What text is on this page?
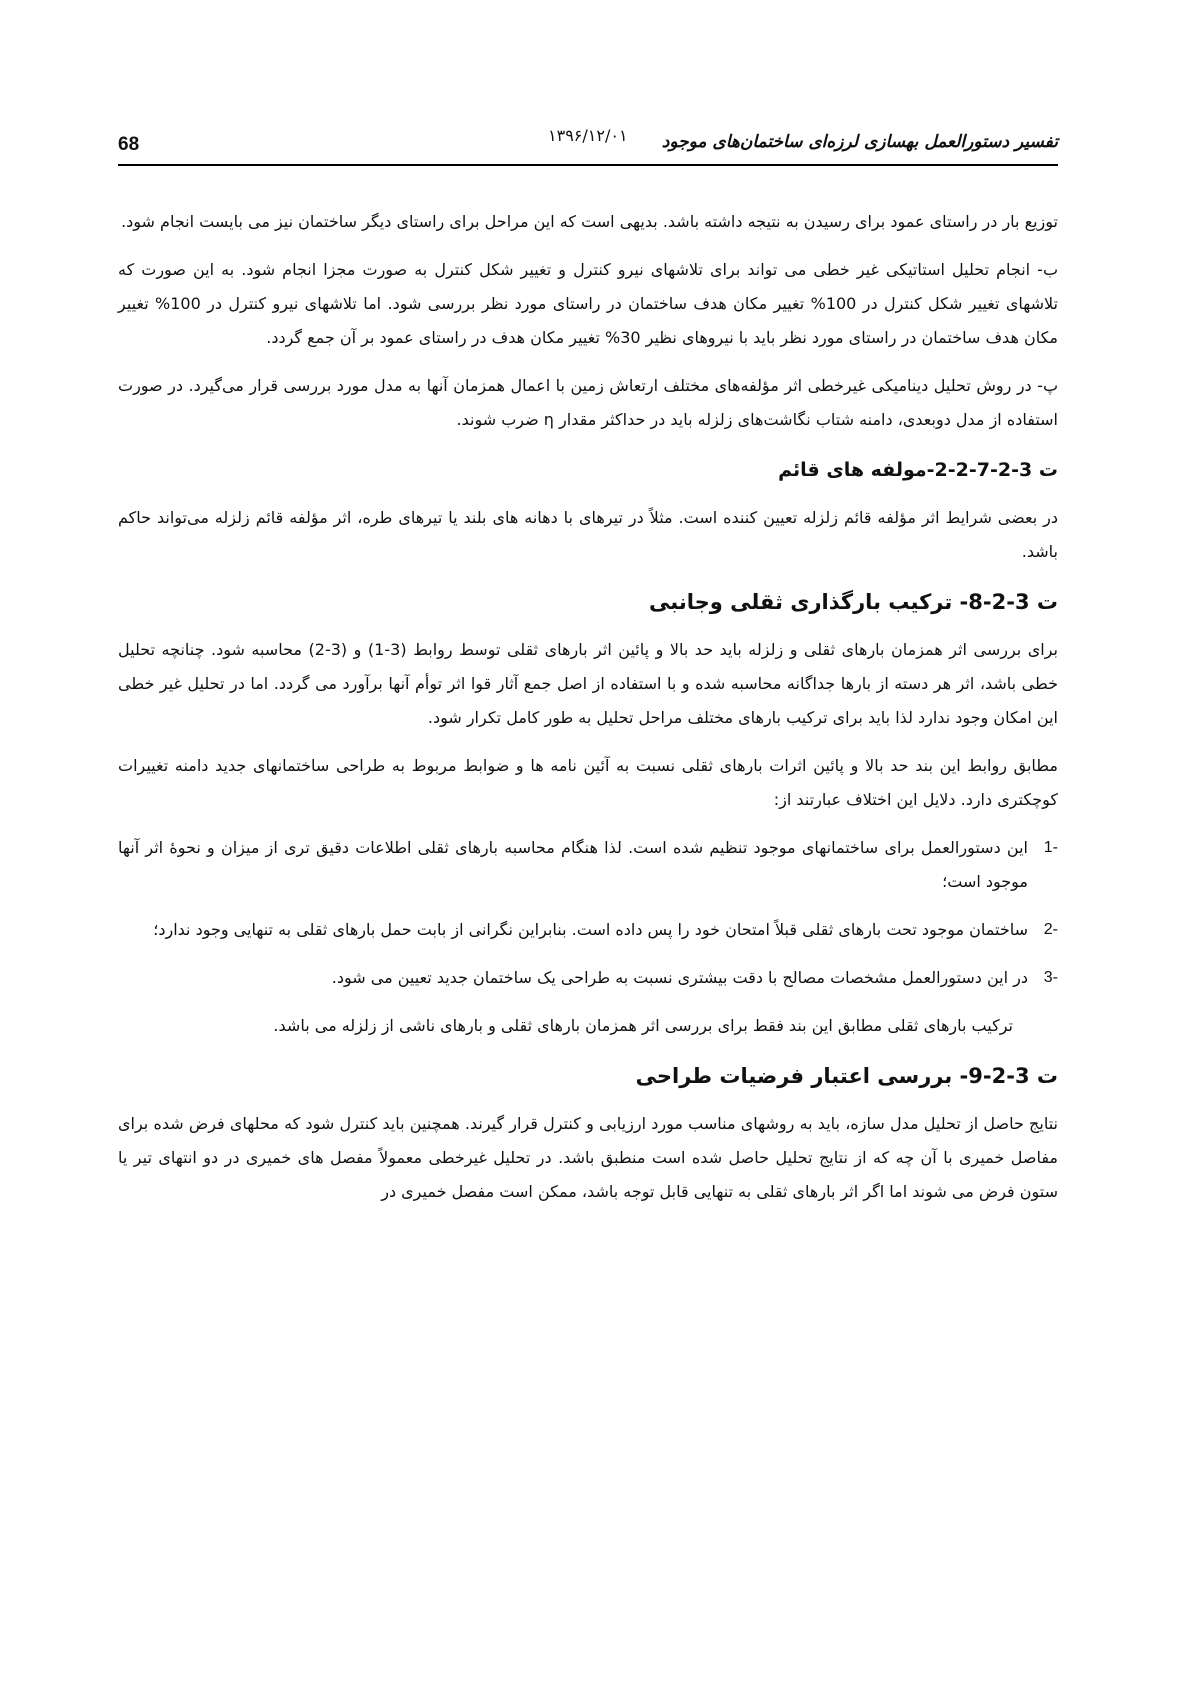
68	۱۳۹۶/۱۲/۰۱ تفسیر دستورالعمل بهسازی لرزه‌ای ساختمان‌های موجود

توزیع بار در راستای عمود برای رسیدن به نتیجه داشته باشد. بدیهی است که این مراحل برای راستای دیگر ساختمان نیز می بایست انجام شود.

ب- انجام تحلیل استاتیکی غیر خطی می تواند برای تلاشهای نیرو کنترل و تغییر شکل کنترل به صورت مجزا انجام شود. به این صورت که تلاشهای تغییر شکل کنترل در 100% تغییر مکان هدف ساختمان در راستای مورد نظر بررسی شود. اما تلاشهای نیرو کنترل در 100% تغییر مکان هدف ساختمان در راستای مورد نظر باید با نیروهای نظیر 30% تغییر مکان هدف در راستای عمود بر آن جمع گردد.

پ- در روش تحلیل دینامیکی غیرخطی اثر مؤلفه‌های مختلف ارتعاش زمین با اعمال همزمان آنها به مدل مورد بررسی قرار می‌گیرد. در صورت استفاده از مدل دوبعدی، دامنه شتاب نگاشت‌های زلزله باید در حداکثر مقدار η ضرب شوند.

ت 3-2-7-2-2-مولفه های قائم

در بعضی شرایط اثر مؤلفه قائم زلزله تعیین کننده است. مثلاً در تیرهای با دهانه های بلند یا تیرهای طره، اثر مؤلفه قائم زلزله می‌تواند حاکم باشد.

ت 3-2-8- ترکیب بارگذاری ثقلی وجانبی

برای بررسی اثر همزمان بارهای ثقلی و زلزله باید حد بالا و پائین اثر بارهای ثقلی توسط روابط (3-1) و (3-2) محاسبه شود. چنانچه تحلیل خطی باشد، اثر هر دسته از بارها جداگانه محاسبه شده و با استفاده از اصل جمع آثار قوا اثر توأم آنها برآورد می گردد. اما در تحلیل غیر خطی این امکان وجود ندارد لذا باید برای ترکیب بارهای مختلف مراحل تحلیل به طور کامل تکرار شود.

مطابق روابط این بند حد بالا و پائین اثرات بارهای ثقلی نسبت به آئین نامه ها و ضوابط مربوط به طراحی ساختمانهای جدید دامنه تغییرات کوچکتری دارد. دلایل این اختلاف عبارتند از:

-1
این دستورالعمل برای ساختمانهای موجود تنظیم شده است. لذا هنگام محاسبه بارهای ثقلی اطلاعات دقیق تری از میزان و نحوهٔ اثر آنها موجود است؛
-2
ساختمان موجود تحت بارهای ثقلی قبلاً امتحان خود را پس داده است. بنابراین نگرانی از بابت حمل بارهای ثقلی به تنهایی وجود ندارد؛
-3
در این دستورالعمل مشخصات مصالح با دقت بیشتری نسبت به طراحی یک ساختمان جدید تعیین می شود.

ترکیب بارهای ثقلی مطابق این بند فقط برای بررسی اثر همزمان بارهای ثقلی و بارهای ناشی از زلزله می باشد.

ت 3-2-9- بررسی اعتبار فرضیات طراحی

نتایج حاصل از تحلیل مدل سازه، باید به روشهای مناسب مورد ارزیابی و کنترل قرار گیرند. همچنین باید کنترل شود که محلهای فرض شده برای مفاصل خمیری با آن چه که از نتایج تحلیل حاصل شده است منطبق باشد. در تحلیل غیرخطی معمولاً مفصل های خمیری در دو انتهای تیر یا ستون فرض می شوند اما اگر اثر بارهای ثقلی به تنهایی قابل توجه باشد، ممکن است مفصل خمیری در
